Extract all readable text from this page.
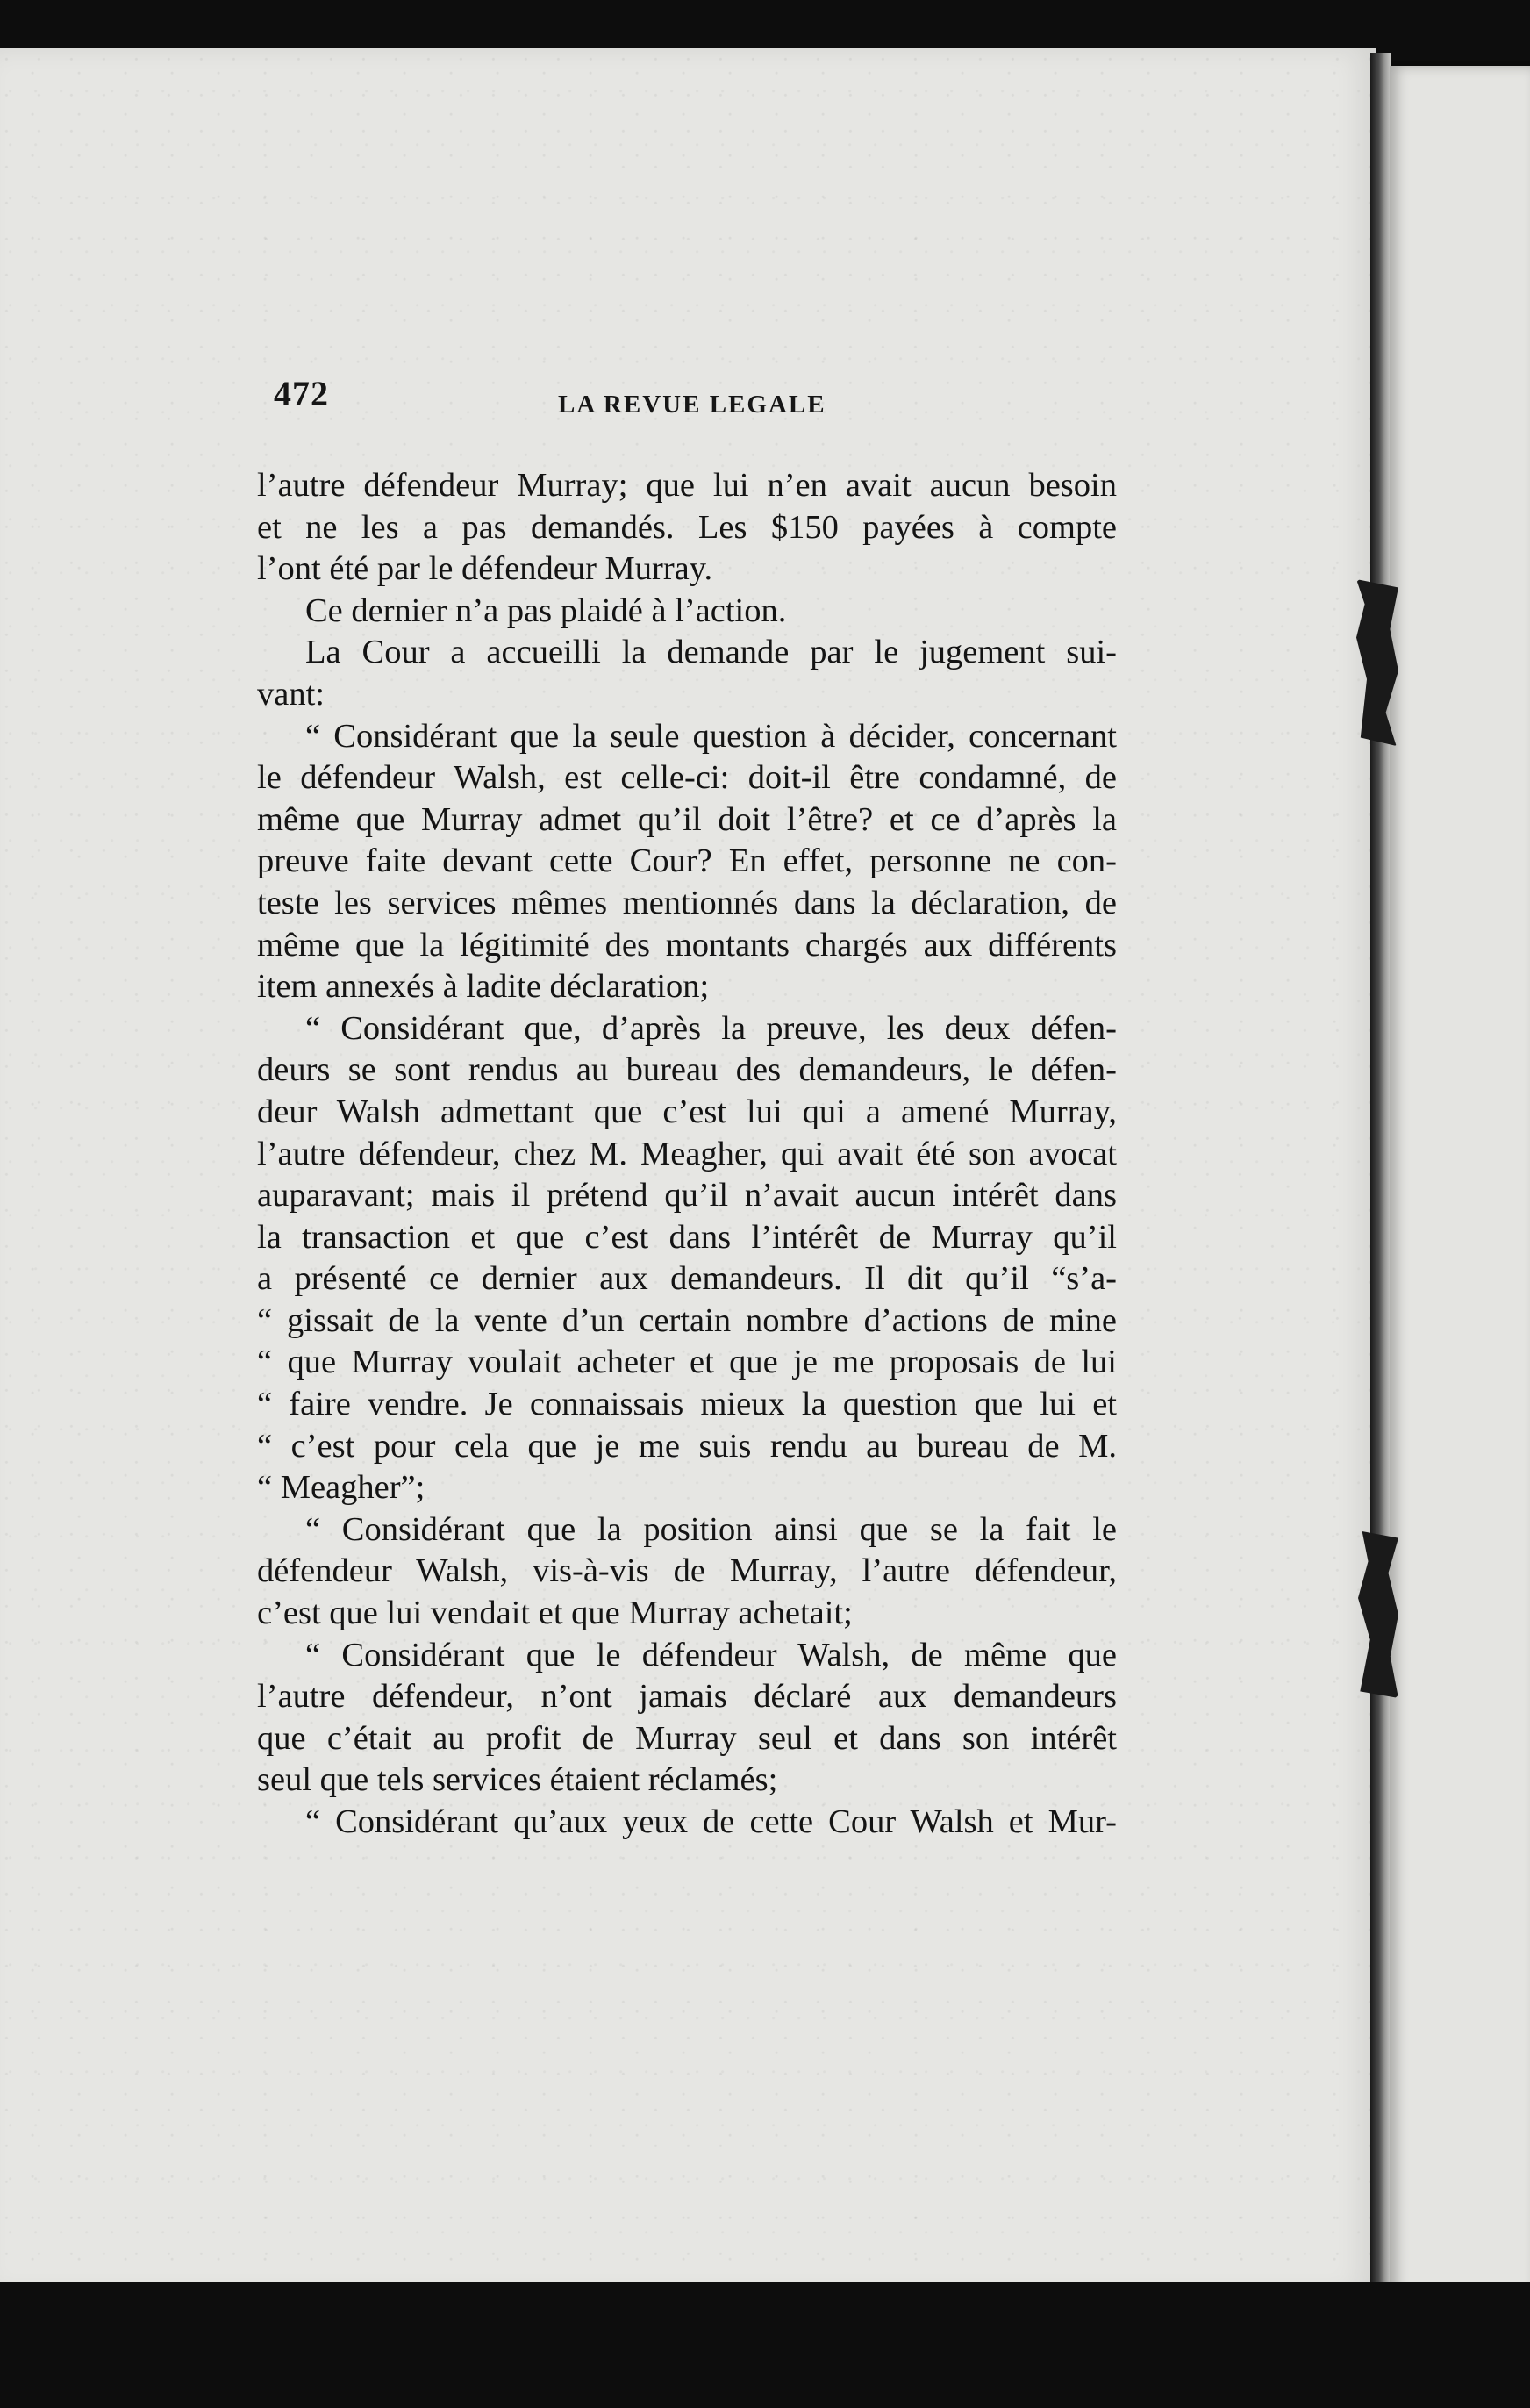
472	LA REVUE LEGALE
l’autre défendeur Murray; que lui n’en avait aucun besoin
et ne les a pas demandés. Les $150 payées à compte
l’ont été par le défendeur Murray.
Ce dernier n’a pas plaidé à l’action.
La Cour a accueilli la demande par le jugement sui-
vant:
“ Considérant que la seule question à décider, concernant
le défendeur Walsh, est celle-ci: doit-il être condamné, de
même que Murray admet qu’il doit l’être? et ce d’après la
preuve faite devant cette Cour? En effet, personne ne con-
teste les services mêmes mentionnés dans la déclaration, de
même que la légitimité des montants chargés aux différents
item annexés à ladite déclaration;
“ Considérant que, d’après la preuve, les deux défen-
deurs se sont rendus au bureau des demandeurs, le défen-
deur Walsh admettant que c’est lui qui a amené Murray,
l’autre défendeur, chez M. Meagher, qui avait été son avocat
auparavant; mais il prétend qu’il n’avait aucun intérêt dans
la transaction et que c’est dans l’intérêt de Murray qu’il
a présenté ce dernier aux demandeurs. Il dit qu’il “s’a-
“ gissait de la vente d’un certain nombre d’actions de mine
“ que Murray voulait acheter et que je me proposais de lui
“ faire vendre. Je connaissais mieux la question que lui et
“ c’est pour cela que je me suis rendu au bureau de M.
“ Meagher”;
“ Considérant que la position ainsi que se la fait le
défendeur Walsh, vis-à-vis de Murray, l’autre défendeur,
c’est que lui vendait et que Murray achetait;
“ Considérant que le défendeur Walsh, de même que
l’autre défendeur, n’ont jamais déclaré aux demandeurs
que c’était au profit de Murray seul et dans son intérêt
seul que tels services étaient réclamés;
“ Considérant qu’aux yeux de cette Cour Walsh et Mur-
